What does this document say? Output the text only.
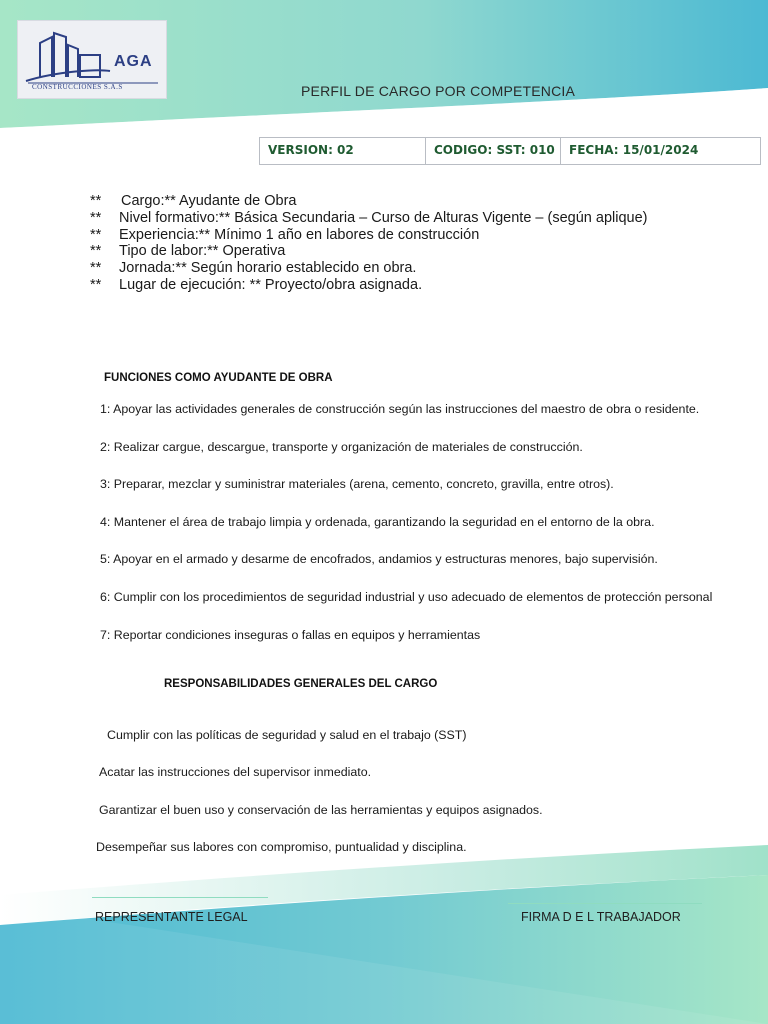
AGA
CONSTRUCCIONES S.A.S	PERFIL DE CARGO POR COMPETENCIA
VERSION: 02	CODIGO: SST: 010	FECHA: 15/01/2024
** Cargo:** Ayudante de Obra
** Nivel formativo:** Básica Secundaria – Curso de Alturas Vigente – (según aplique)
** Experiencia:** Mínimo 1 año en labores de construcción
** Tipo de labor:** Operativa
** Jornada:** Según horario establecido en obra.
** Lugar de ejecución: ** Proyecto/obra asignada.
FUNCIONES COMO AYUDANTE DE OBRA
1: Apoyar las actividades generales de construcción según las instrucciones del maestro de obra o residente.
2: Realizar cargue, descargue, transporte y organización de materiales de construcción.
3: Preparar, mezclar y suministrar materiales (arena, cemento, concreto, gravilla, entre otros).
4: Mantener el área de trabajo limpia y ordenada, garantizando la seguridad en el entorno de la obra.
5: Apoyar en el armado y desarme de encofrados, andamios y estructuras menores, bajo supervisión.
6: Cumplir con los procedimientos de seguridad industrial y uso adecuado de elementos de protección personal
7: Reportar condiciones inseguras o fallas en equipos y herramientas
RESPONSABILIDADES GENERALES DEL CARGO
Cumplir con las políticas de seguridad y salud en el trabajo (SST)
Acatar las instrucciones del supervisor inmediato.
Garantizar el buen uso y conservación de las herramientas y equipos asignados.
Desempeñar sus labores con compromiso, puntualidad y disciplina.
REPRESENTANTE LEGAL	FIRMA D E L TRABAJADOR
